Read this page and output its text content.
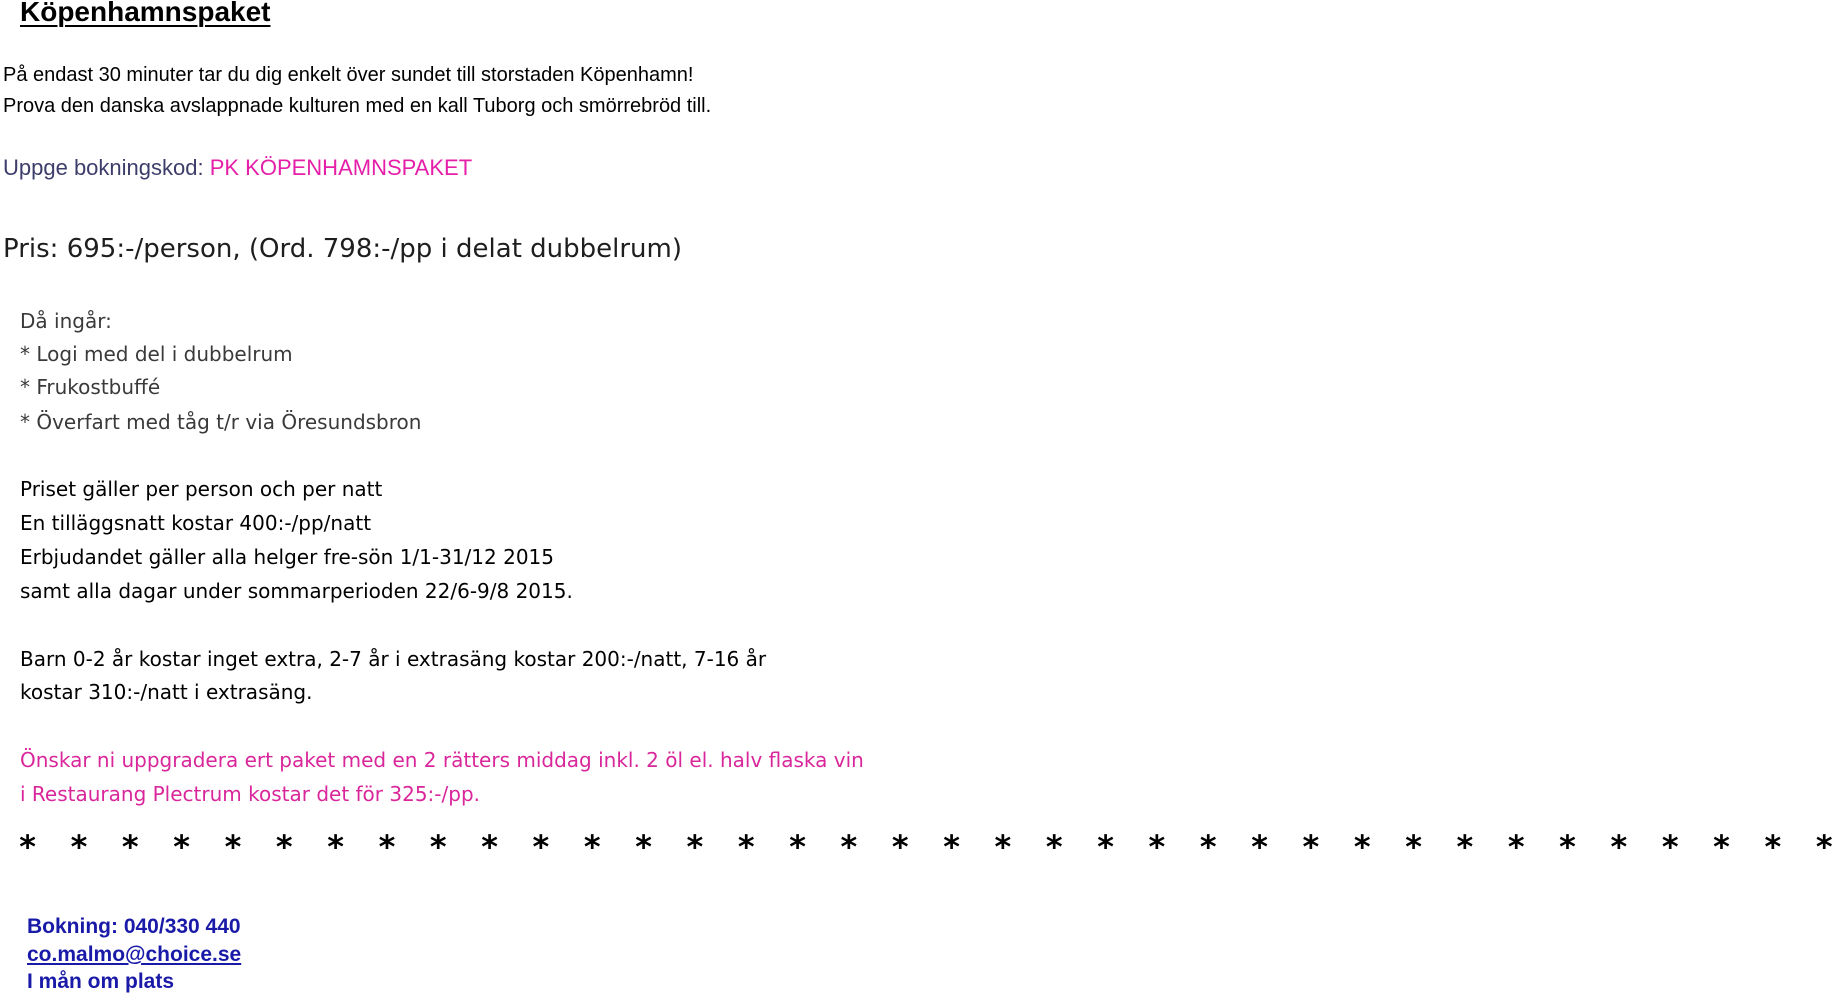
Köpenhamnspaket

På endast 30 minuter tar du dig enkelt över sundet till storstaden Köpenhamn!

Prova den danska avslappnade kulturen med en kall Tuborg och smörrebröd till.

Uppge bokningskod: PK KÖPENHAMNSPAKET

Pris: 695:-/person, (Ord. 798:-/pp i delat dubbelrum)

Då ingår:

* Logi med del i dubbelrum

* Frukostbuffé

* Överfart med tåg t/r via Öresundsbron

Priset gäller per person och per natt

En tilläggsnatt kostar 400:-/pp/natt

Erbjudandet gäller alla helger fre-sön 1/1-31/12 2015

samt alla dagar under sommarperioden 22/6-9/8 2015.

Barn 0-2 år kostar inget extra, 2-7 år i extrasäng kostar 200:-/natt, 7-16 år

kostar 310:-/natt i extrasäng.

Önskar ni uppgradera ert paket med en 2 rätters middag inkl. 2 öl el. halv flaska vin

i Restaurang Plectrum kostar det för 325:-/pp.

* * * * * * * * * * * * * * * * * * * * * * * * * * * * * * * * * * * *

Bokning: 040/330 440

co.malmo@choice.se

I mån om plats
